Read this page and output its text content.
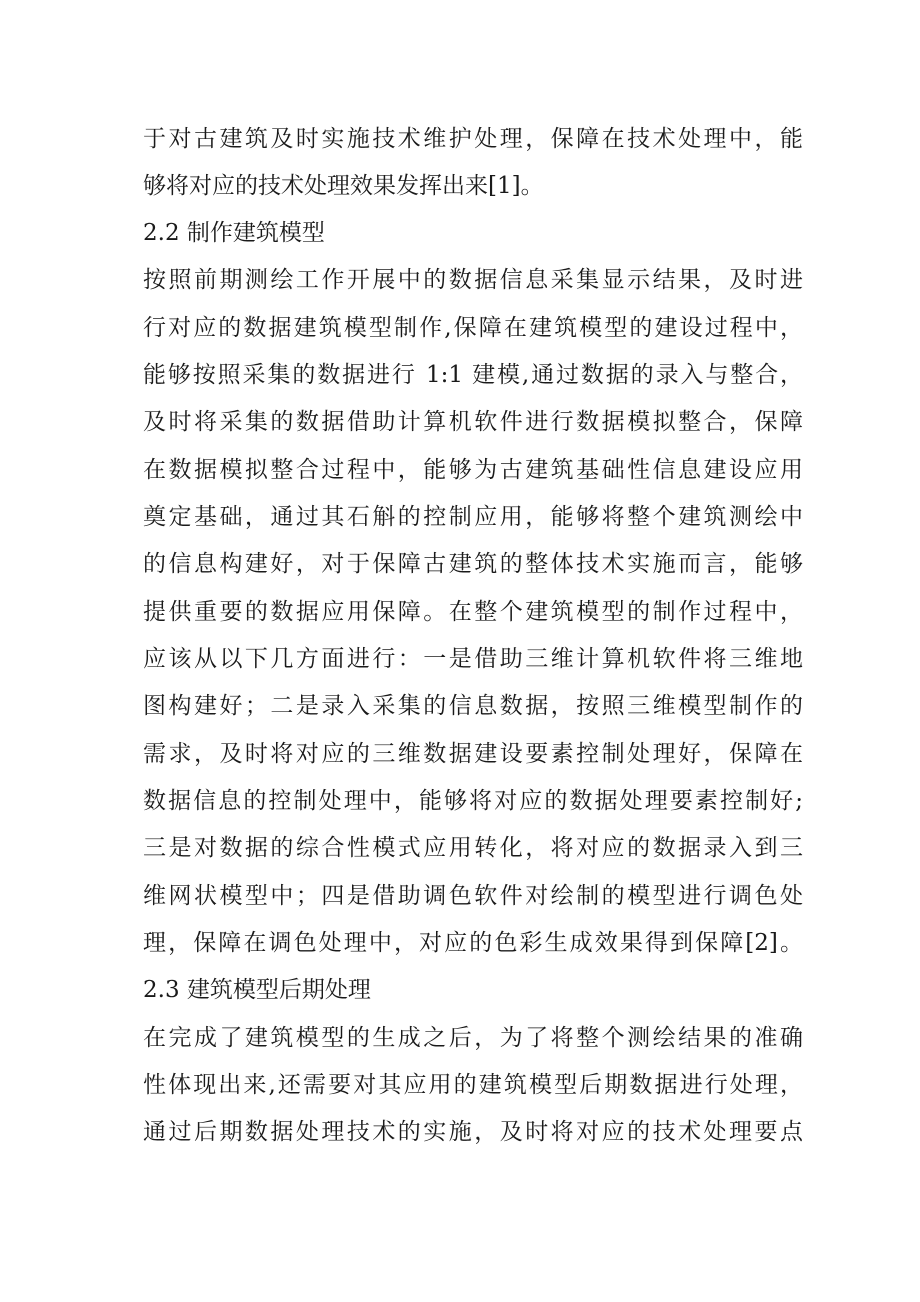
于对古建筑及时实施技术维护处理，保障在技术处理中，能
够将对应的技术处理效果发挥出来[1]。
2.2 制作建筑模型
按照前期测绘工作开展中的数据信息采集显示结果，及时进
行对应的数据建筑模型制作,保障在建筑模型的建设过程中，
能够按照采集的数据进行 1:1 建模,通过数据的录入与整合，
及时将采集的数据借助计算机软件进行数据模拟整合，保障
在数据模拟整合过程中，能够为古建筑基础性信息建设应用
奠定基础，通过其石斛的控制应用，能够将整个建筑测绘中
的信息构建好，对于保障古建筑的整体技术实施而言，能够
提供重要的数据应用保障。在整个建筑模型的制作过程中，
应该从以下几方面进行：一是借助三维计算机软件将三维地
图构建好；二是录入采集的信息数据，按照三维模型制作的
需求，及时将对应的三维数据建设要素控制处理好，保障在
数据信息的控制处理中，能够将对应的数据处理要素控制好;
三是对数据的综合性模式应用转化，将对应的数据录入到三
维网状模型中；四是借助调色软件对绘制的模型进行调色处
理，保障在调色处理中，对应的色彩生成效果得到保障[2]。
2.3 建筑模型后期处理
在完成了建筑模型的生成之后，为了将整个测绘结果的准确
性体现出来,还需要对其应用的建筑模型后期数据进行处理，
通过后期数据处理技术的实施，及时将对应的技术处理要点
